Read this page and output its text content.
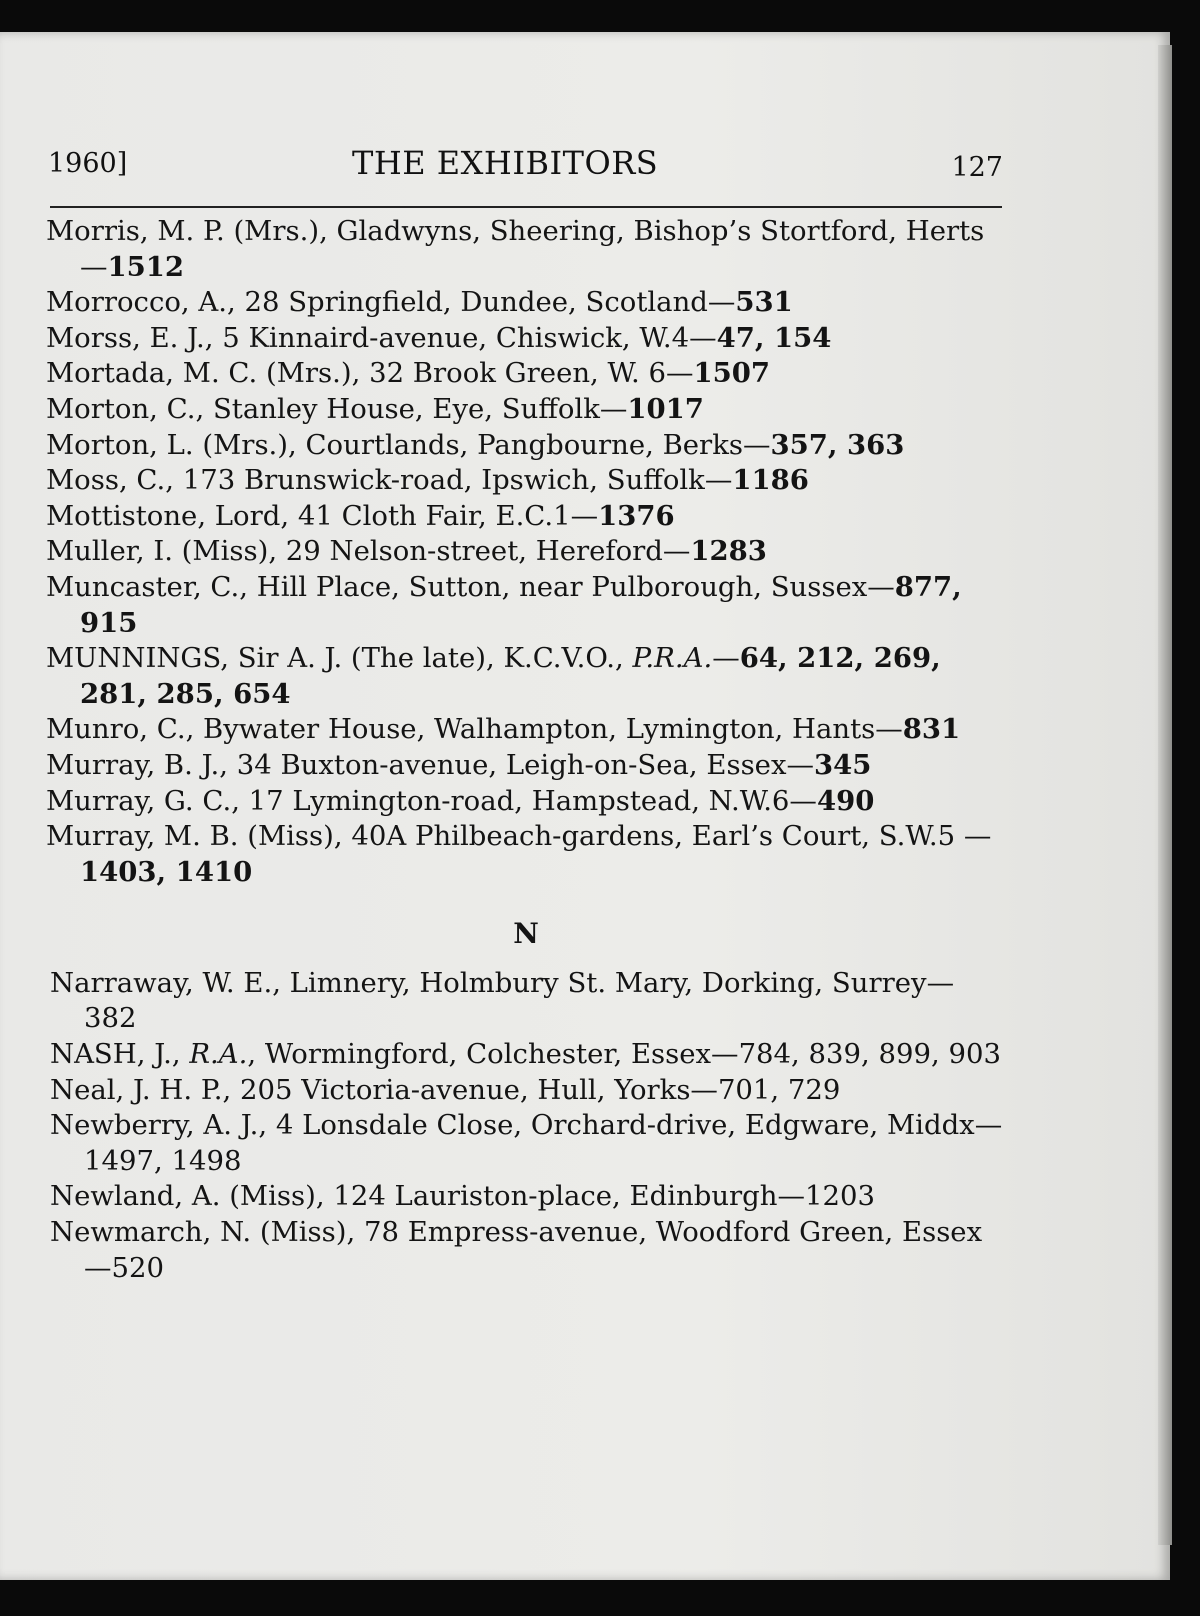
1960]	THE EXHIBITORS	127
Morris, M. P. (Mrs.), Gladwyns, Sheering, Bishop’s Stortford, Herts—1512
Morrocco, A., 28 Springfield, Dundee, Scotland—531
Morss, E. J., 5 Kinnaird-avenue, Chiswick, W.4—47, 154
Mortada, M. C. (Mrs.), 32 Brook Green, W. 6—1507
Morton, C., Stanley House, Eye, Suffolk—1017
Morton, L. (Mrs.), Courtlands, Pangbourne, Berks—357, 363
Moss, C., 173 Brunswick-road, Ipswich, Suffolk—1186
Mottistone, Lord, 41 Cloth Fair, E.C.1—1376
Muller, I. (Miss), 29 Nelson-street, Hereford—1283
Muncaster, C., Hill Place, Sutton, near Pulborough, Sussex—877, 915
MUNNINGS, Sir A. J. (The late), K.C.V.O., P.R.A.—64, 212, 269, 281, 285, 654
Munro, C., Bywater House, Walhampton, Lymington, Hants—831
Murray, B. J., 34 Buxton-avenue, Leigh-on-Sea, Essex—345
Murray, G. C., 17 Lymington-road, Hampstead, N.W.6—490
Murray, M. B. (Miss), 40A Philbeach-gardens, Earl’s Court, S.W.5 —1403, 1410
N
Narraway, W. E., Limnery, Holmbury St. Mary, Dorking, Surrey—382
NASH, J., R.A., Wormingford, Colchester, Essex—784, 839, 899, 903
Neal, J. H. P., 205 Victoria-avenue, Hull, Yorks—701, 729
Newberry, A. J., 4 Lonsdale Close, Orchard-drive, Edgware, Middx—1497, 1498
Newland, A. (Miss), 124 Lauriston-place, Edinburgh—1203
Newmarch, N. (Miss), 78 Empress-avenue, Woodford Green, Essex—520
